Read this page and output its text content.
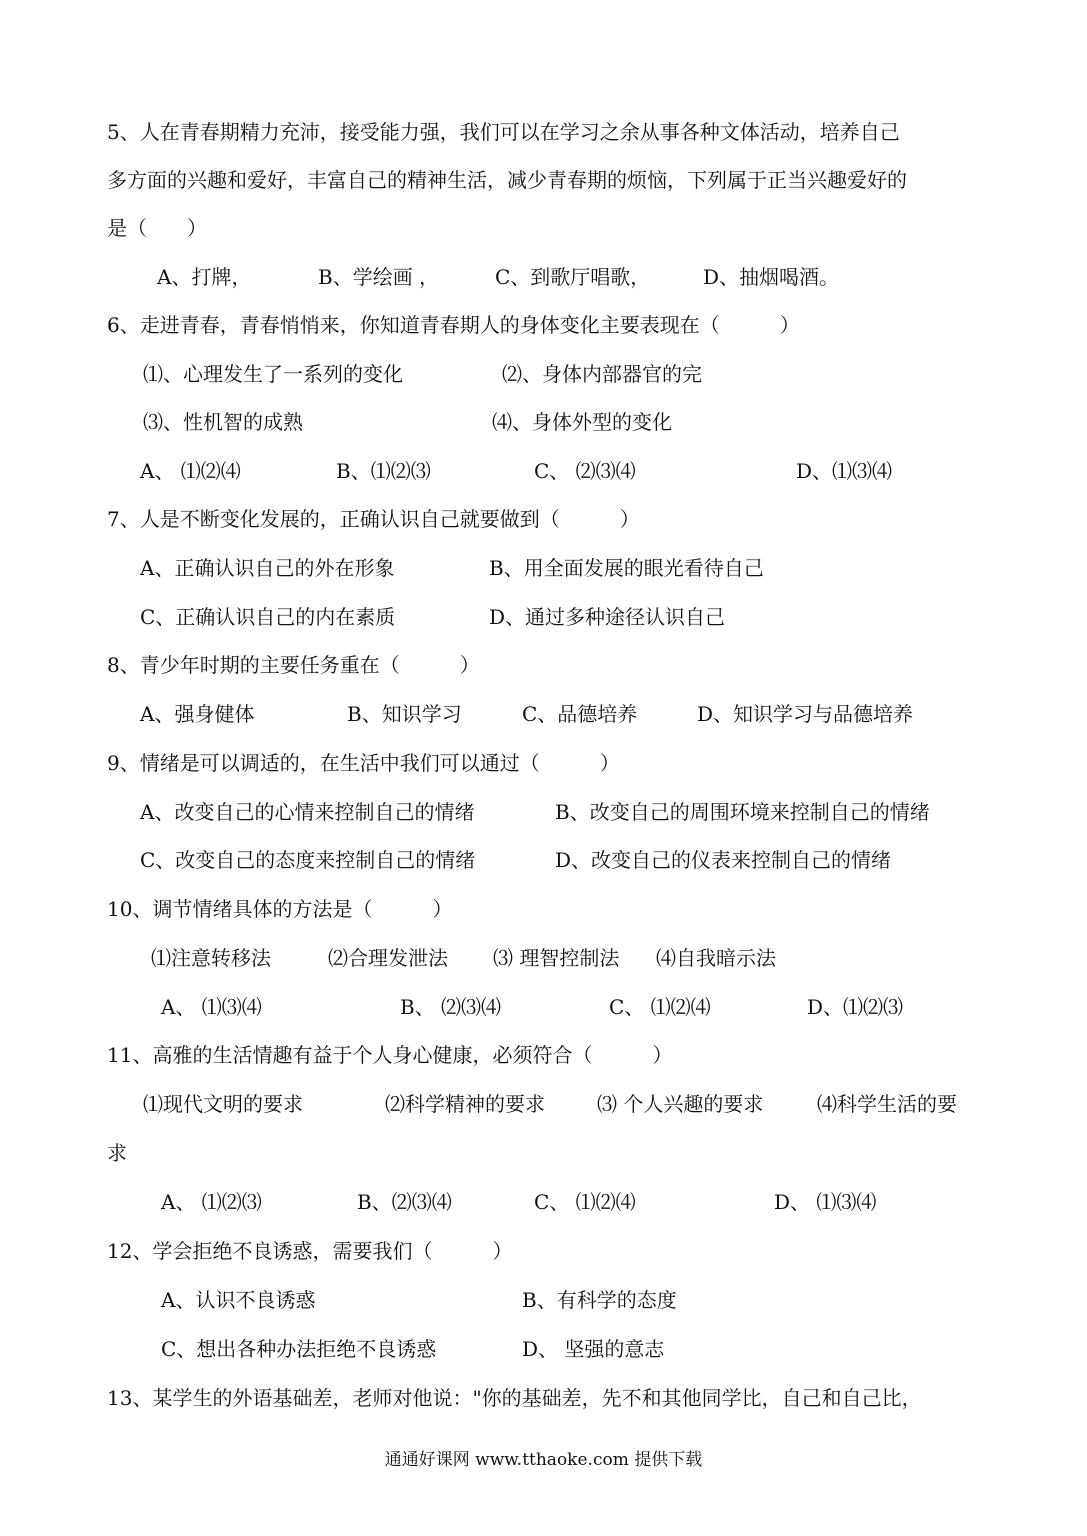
5、人在青春期精力充沛，接受能力强，我们可以在学习之余从事各种文体活动，培养自己
多方面的兴趣和爱好，丰富自己的精神生活，减少青春期的烦恼，下列属于正当兴趣爱好的
是（　　）
A、打牌，	B、学绘画 ，	C、到歌厅唱歌，	D、抽烟喝酒。
6、走进青春，青春悄悄来，你知道青春期人的身体变化主要表现在（　　　）
⑴、心理发生了一系列的变化	⑵、身体内部器官的完
⑶、性机智的成熟	⑷、身体外型的变化
A、 ⑴⑵⑷	B、⑴⑵⑶	C、 ⑵⑶⑷	D、⑴⑶⑷
7、人是不断变化发展的，正确认识自己就要做到（　　　）
A、正确认识自己的外在形象	B、用全面发展的眼光看待自己
C、正确认识自己的内在素质	D、通过多种途径认识自己
8、青少年时期的主要任务重在（　　　）
A、强身健体	B、知识学习	C、品德培养	D、知识学习与品德培养
9、情绪是可以调适的，在生活中我们可以通过（　　　）
A、改变自己的心情来控制自己的情绪	B、改变自己的周围环境来控制自己的情绪
C、改变自己的态度来控制自己的情绪	D、改变自己的仪表来控制自己的情绪
10、调节情绪具体的方法是（　　　）
⑴注意转移法	⑵合理发泄法 ⑶ 理智控制法 ⑷自我暗示法
A、 ⑴⑶⑷	B、 ⑵⑶⑷	C、 ⑴⑵⑷	D、⑴⑵⑶
11、高雅的生活情趣有益于个人身心健康，必须符合（　　　）
⑴现代文明的要求	⑵科学精神的要求	⑶ 个人兴趣的要求	⑷科学生活的要
求
A、 ⑴⑵⑶	B、⑵⑶⑷	C、 ⑴⑵⑷	D、 ⑴⑶⑷
12、学会拒绝不良诱惑，需要我们（　　　）
A、认识不良诱惑	B、有科学的态度
C、想出各种办法拒绝不良诱惑	D、 坚强的意志
13、某学生的外语基础差，老师对他说："你的基础差，先不和其他同学比，自己和自己比，
通通好课网 www.tthaoke.com 提供下载
